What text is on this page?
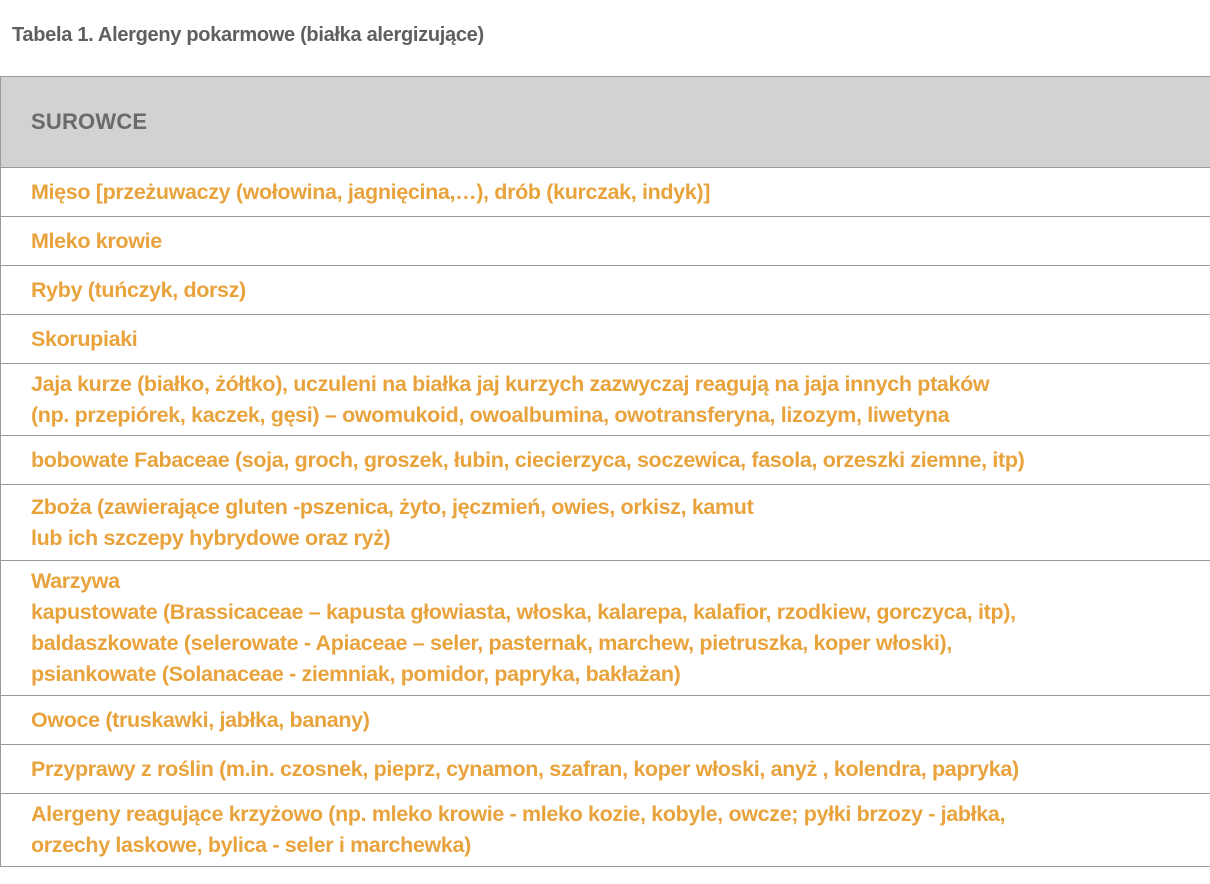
Tabela 1. Alergeny pokarmowe (białka alergizujące)
SUROWCE
Mięso [przeżuwaczy (wołowina, jagnięcina,…), drób (kurczak, indyk)]
Mleko krowie
Ryby (tuńczyk, dorsz)
Skorupiaki
Jaja kurze (białko, żółtko), uczuleni na białka jaj kurzych zazwyczaj reagują na jaja innych ptaków
(np. przepiórek, kaczek, gęsi) – owomukoid, owoalbumina, owotransferyna, lizozym, liwetyna
bobowate Fabaceae (soja, groch, groszek, łubin, ciecierzyca, soczewica, fasola, orzeszki ziemne, itp)
Zboża (zawierające gluten -pszenica, żyto, jęczmień, owies, orkisz, kamut
lub ich szczepy hybrydowe oraz ryż)
Warzywa
kapustowate (Brassicaceae – kapusta głowiasta, włoska, kalarepa, kalafior, rzodkiew, gorczyca, itp),
baldaszkowate (selerowate - Apiaceae – seler, pasternak, marchew, pietruszka, koper włoski),
psiankowate (Solanaceae - ziemniak, pomidor, papryka, bakłażan)
Owoce (truskawki, jabłka, banany)
Przyprawy z roślin (m.in. czosnek, pieprz, cynamon, szafran, koper włoski, anyż , kolendra, papryka)
Alergeny reagujące krzyżowo (np. mleko krowie - mleko kozie, kobyle, owcze; pyłki brzozy - jabłka,
orzechy laskowe, bylica - seler i marchewka)
